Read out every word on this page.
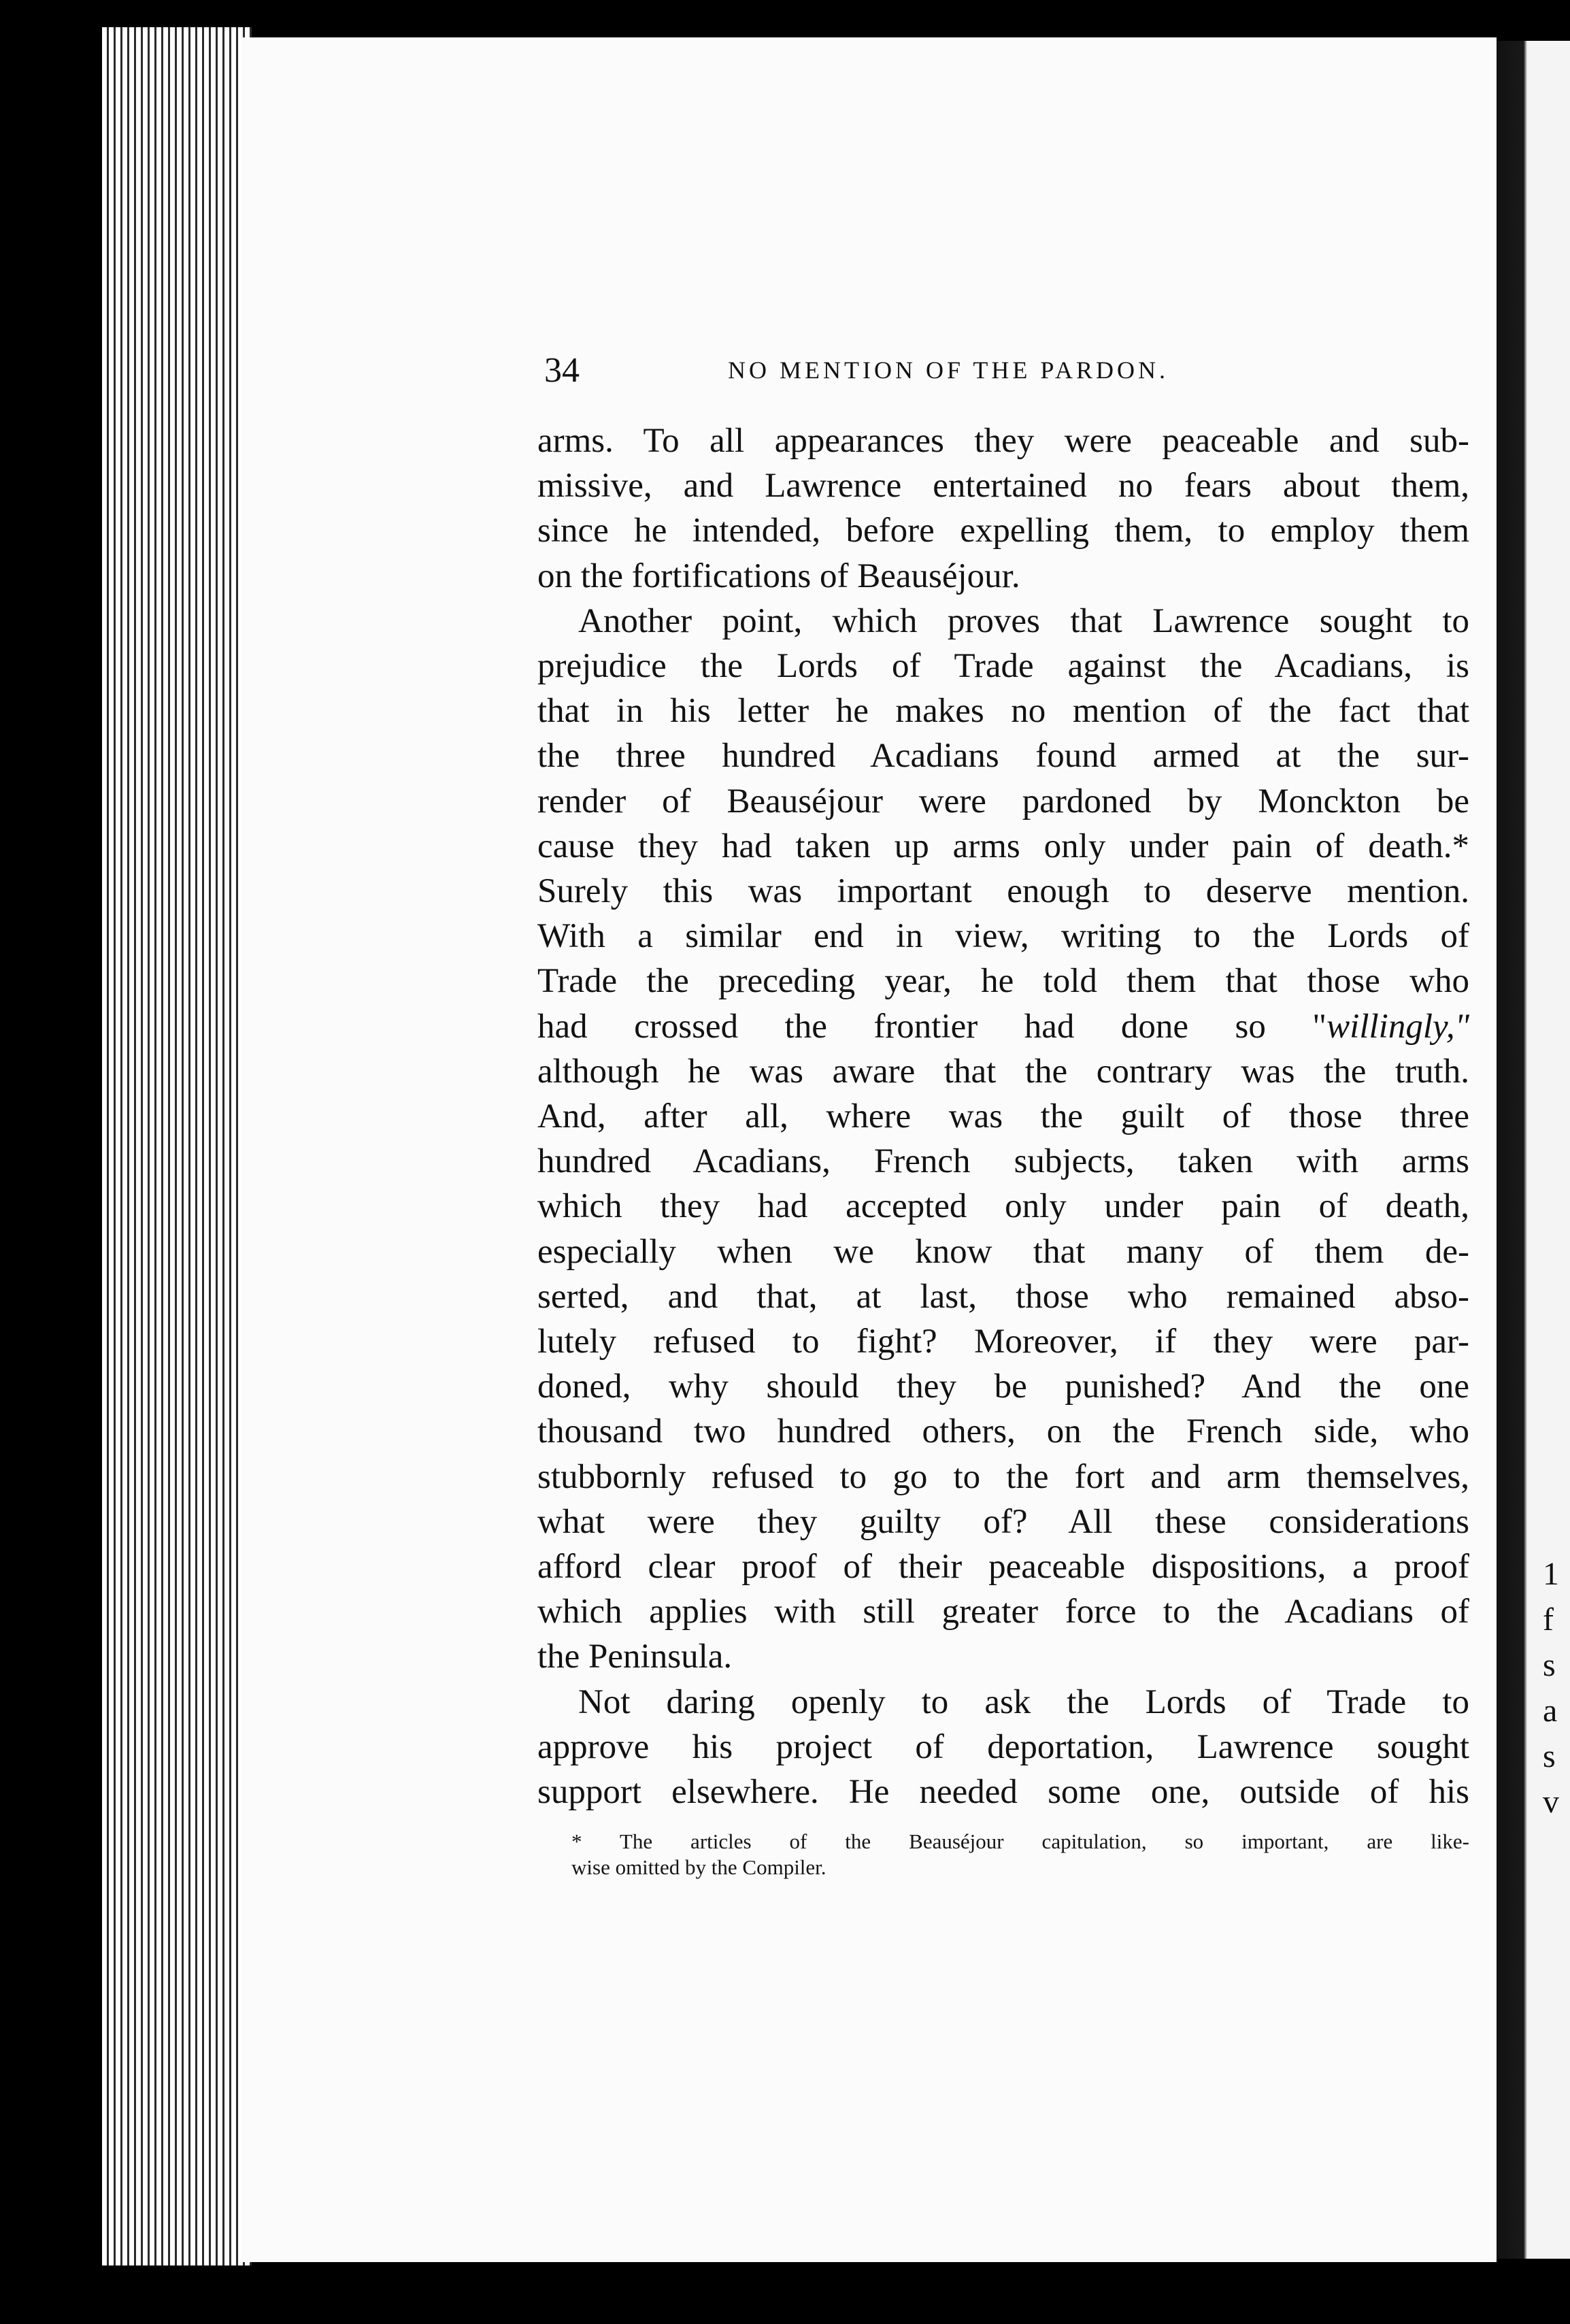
1
f
s
a
s
v
34	NO MENTION OF THE PARDON.
arms. To all appearances they were peaceable and sub-
missive, and Lawrence entertained no fears about them,
since he intended, before expelling them, to employ them
on the fortifications of Beauséjour.
Another point, which proves that Lawrence sought to
prejudice the Lords of Trade against the Acadians, is
that in his letter he makes no mention of the fact that
the three hundred Acadians found armed at the sur-
render of Beauséjour were pardoned by Monckton be
cause they had taken up arms only under pain of death.*
Surely this was important enough to deserve mention.
With a similar end in view, writing to the Lords of
Trade the preceding year, he told them that those who
had crossed the frontier had done so "willingly,"
although he was aware that the contrary was the truth.
And, after all, where was the guilt of those three
hundred Acadians, French subjects, taken with arms
which they had accepted only under pain of death,
especially when we know that many of them de-
serted, and that, at last, those who remained abso-
lutely refused to fight? Moreover, if they were par-
doned, why should they be punished? And the one
thousand two hundred others, on the French side, who
stubbornly refused to go to the fort and arm themselves,
what were they guilty of? All these considerations
afford clear proof of their peaceable dispositions, a proof
which applies with still greater force to the Acadians of
the Peninsula.
Not daring openly to ask the Lords of Trade to
approve his project of deportation, Lawrence sought
support elsewhere. He needed some one, outside of his
* The articles of the Beauséjour capitulation, so important, are like-
wise omitted by the Compiler.
